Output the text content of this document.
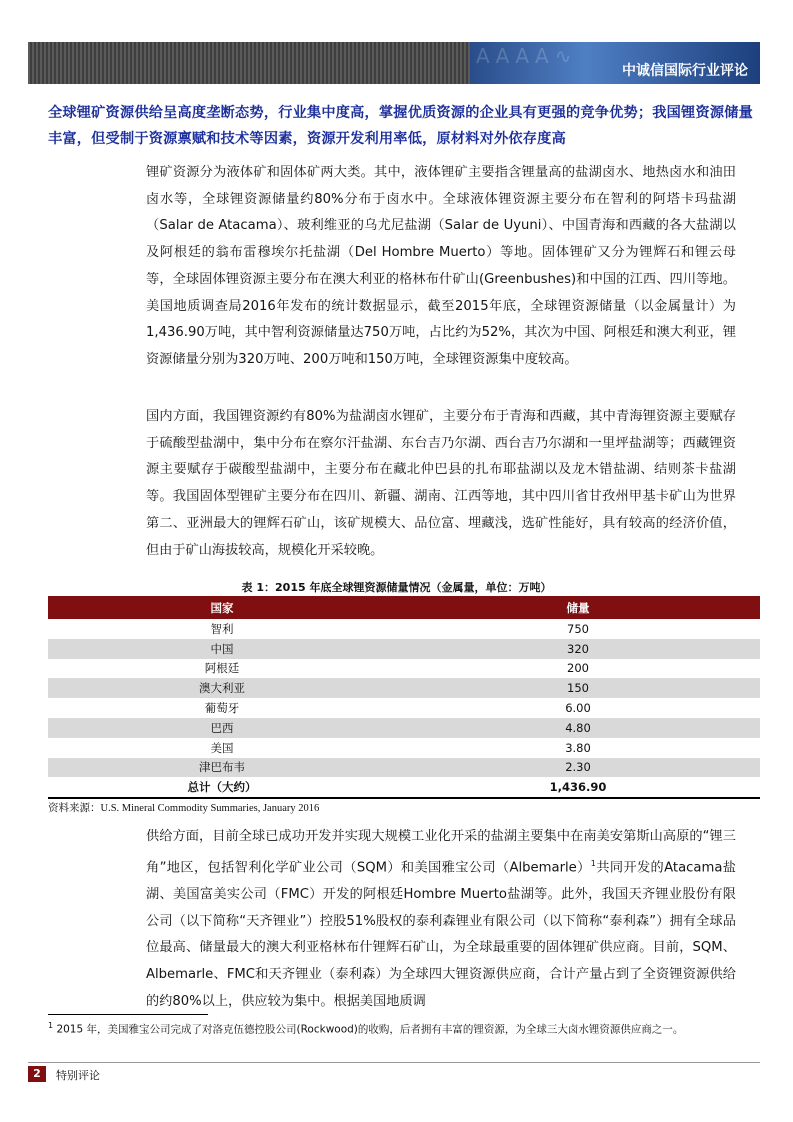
ΑΑΑΑ∿
中诚信国际行业评论
全球锂矿资源供给呈高度垄断态势，行业集中度高，掌握优质资源的企业具有更强的竞争优势；我国锂资源储量丰富，但受制于资源禀赋和技术等因素，资源开发利用率低，原材料对外依存度高
锂矿资源分为液体矿和固体矿两大类。其中，液体锂矿主要指含锂量高的盐湖卤水、地热卤水和油田卤水等，全球锂资源储量约80%分布于卤水中。全球液体锂资源主要分布在智利的阿塔卡玛盐湖（Salar de Atacama）、玻利维亚的乌尤尼盐湖（Salar de Uyuni）、中国青海和西藏的各大盐湖以及阿根廷的翁布雷穆埃尔托盐湖（Del Hombre Muerto）等地。固体锂矿又分为锂辉石和锂云母等，全球固体锂资源主要分布在澳大利亚的格林布什矿山(Greenbushes)和中国的江西、四川等地。美国地质调查局2016年发布的统计数据显示，截至2015年底，全球锂资源储量（以金属量计）为1,436.90万吨，其中智利资源储量达750万吨，占比约为52%，其次为中国、阿根廷和澳大利亚，锂资源储量分别为320万吨、200万吨和150万吨，全球锂资源集中度较高。
国内方面，我国锂资源约有80%为盐湖卤水锂矿，主要分布于青海和西藏，其中青海锂资源主要赋存于硫酸型盐湖中，集中分布在察尔汗盐湖、东台吉乃尔湖、西台吉乃尔湖和一里坪盐湖等；西藏锂资源主要赋存于碳酸型盐湖中，主要分布在藏北仲巴县的扎布耶盐湖以及龙木错盐湖、结则茶卡盐湖等。我国固体型锂矿主要分布在四川、新疆、湖南、江西等地，其中四川省甘孜州甲基卡矿山为世界第二、亚洲最大的锂辉石矿山，该矿规模大、品位富、埋藏浅，选矿性能好，具有较高的经济价值，但由于矿山海拔较高，规模化开采较晚。
表 1：2015 年底全球锂资源储量情况（金属量，单位：万吨）
国家	储量
智利	750
中国	320
阿根廷	200
澳大利亚	150
葡萄牙	6.00
巴西	4.80
美国	3.80
津巴布韦	2.30
总计（大约）	1,436.90
资料来源：U.S. Mineral Commodity Summaries, January 2016
供给方面，目前全球已成功开发并实现大规模工业化开采的盐湖主要集中在南美安第斯山高原的“锂三角”地区，包括智利化学矿业公司（SQM）和美国雅宝公司（Albemarle）$^1$共同开发的Atacama盐湖、美国富美实公司（FMC）开发的阿根廷Hombre Muerto盐湖等。此外，我国天齐锂业股份有限公司（以下简称“天齐锂业”）控股51%股权的泰利森锂业有限公司（以下简称“泰利森”）拥有全球品位最高、储量最大的澳大利亚格林布什锂辉石矿山，为全球最重要的固体锂矿供应商。目前，SQM、Albemarle、FMC和天齐锂业（泰利森）为全球四大锂资源供应商，合计产量占到了全资锂资源供给的约80%以上，供应较为集中。根据美国地质调
$^1$ 2015 年，美国雅宝公司完成了对洛克伍德控股公司(Rockwood)的收购，后者拥有丰富的锂资源，为全球三大卤水锂资源供应商之一。
2	特别评论
